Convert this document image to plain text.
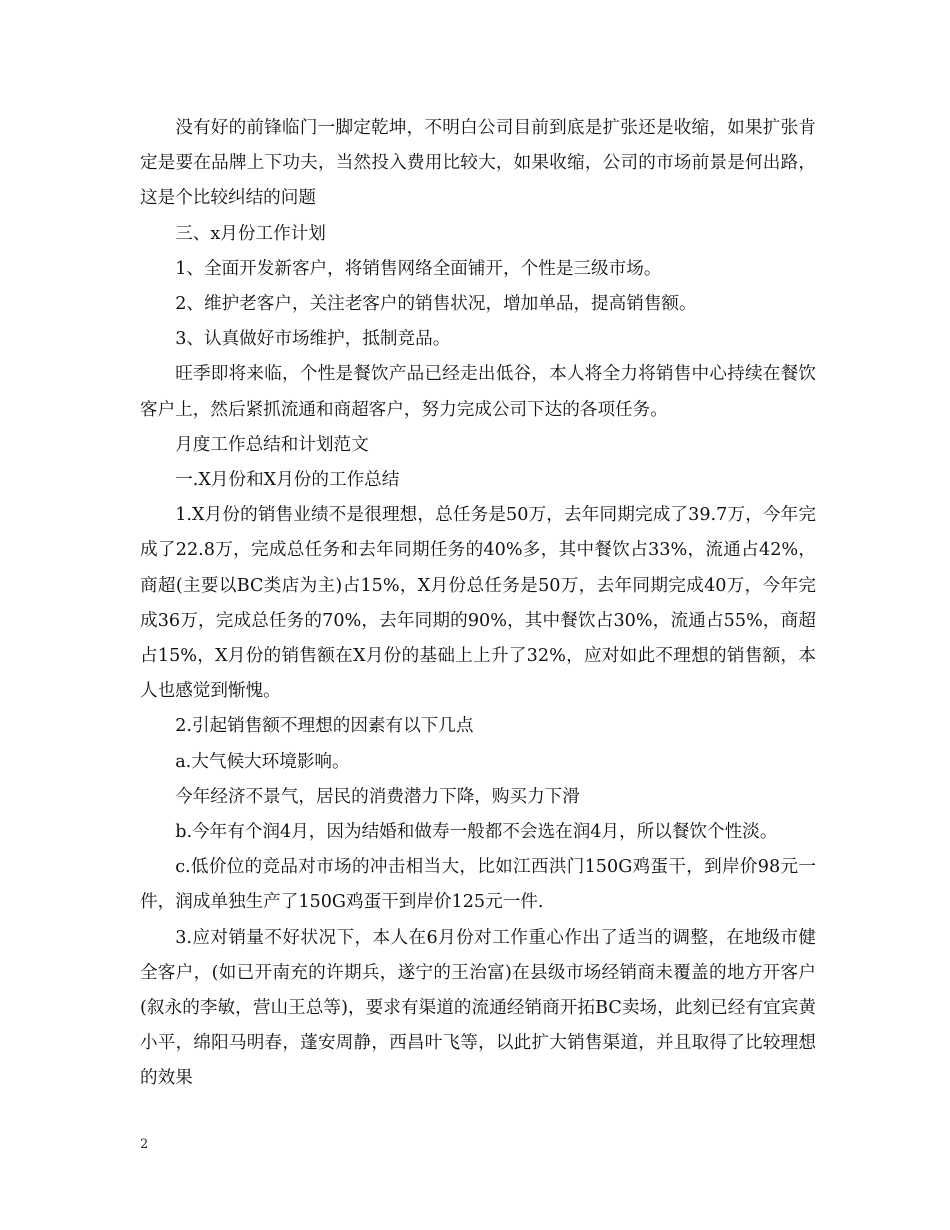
没有好的前锋临门一脚定乾坤，不明白公司目前到底是扩张还是收缩，如果扩张肯定是要在品牌上下功夫，当然投入费用比较大，如果收缩，公司的市场前景是何出路，这是个比较纠结的问题

三、x月份工作计划

1、全面开发新客户，将销售网络全面铺开，个性是三级市场。

2、维护老客户，关注老客户的销售状况，增加单品，提高销售额。

3、认真做好市场维护，抵制竞品。

旺季即将来临，个性是餐饮产品已经走出低谷，本人将全力将销售中心持续在餐饮客户上，然后紧抓流通和商超客户，努力完成公司下达的各项任务。

月度工作总结和计划范文

一.X月份和X月份的工作总结

1.X月份的销售业绩不是很理想，总任务是50万，去年同期完成了39.7万，今年完成了22.8万，完成总任务和去年同期任务的40%多，其中餐饮占33%，流通占42%，商超(主要以BC类店为主)占15%，X月份总任务是50万，去年同期完成40万，今年完成36万，完成总任务的70%，去年同期的90%，其中餐饮占30%，流通占55%，商超占15%，X月份的销售额在X月份的基础上上升了32%，应对如此不理想的销售额，本人也感觉到惭愧。

2.引起销售额不理想的因素有以下几点

a.大气候大环境影响。

今年经济不景气，居民的消费潜力下降，购买力下滑

b.今年有个润4月，因为结婚和做寿一般都不会选在润4月，所以餐饮个性淡。

c.低价位的竞品对市场的冲击相当大，比如江西洪门150G鸡蛋干，到岸价98元一件，润成单独生产了150G鸡蛋干到岸价125元一件.

3.应对销量不好状况下，本人在6月份对工作重心作出了适当的调整，在地级市健全客户，(如已开南充的许期兵，遂宁的王治富)在县级市场经销商未覆盖的地方开客户(叙永的李敏，营山王总等)，要求有渠道的流通经销商开拓BC卖场，此刻已经有宜宾黄小平，绵阳马明春，蓬安周静，西昌叶飞等，以此扩大销售渠道，并且取得了比较理想的效果

2
